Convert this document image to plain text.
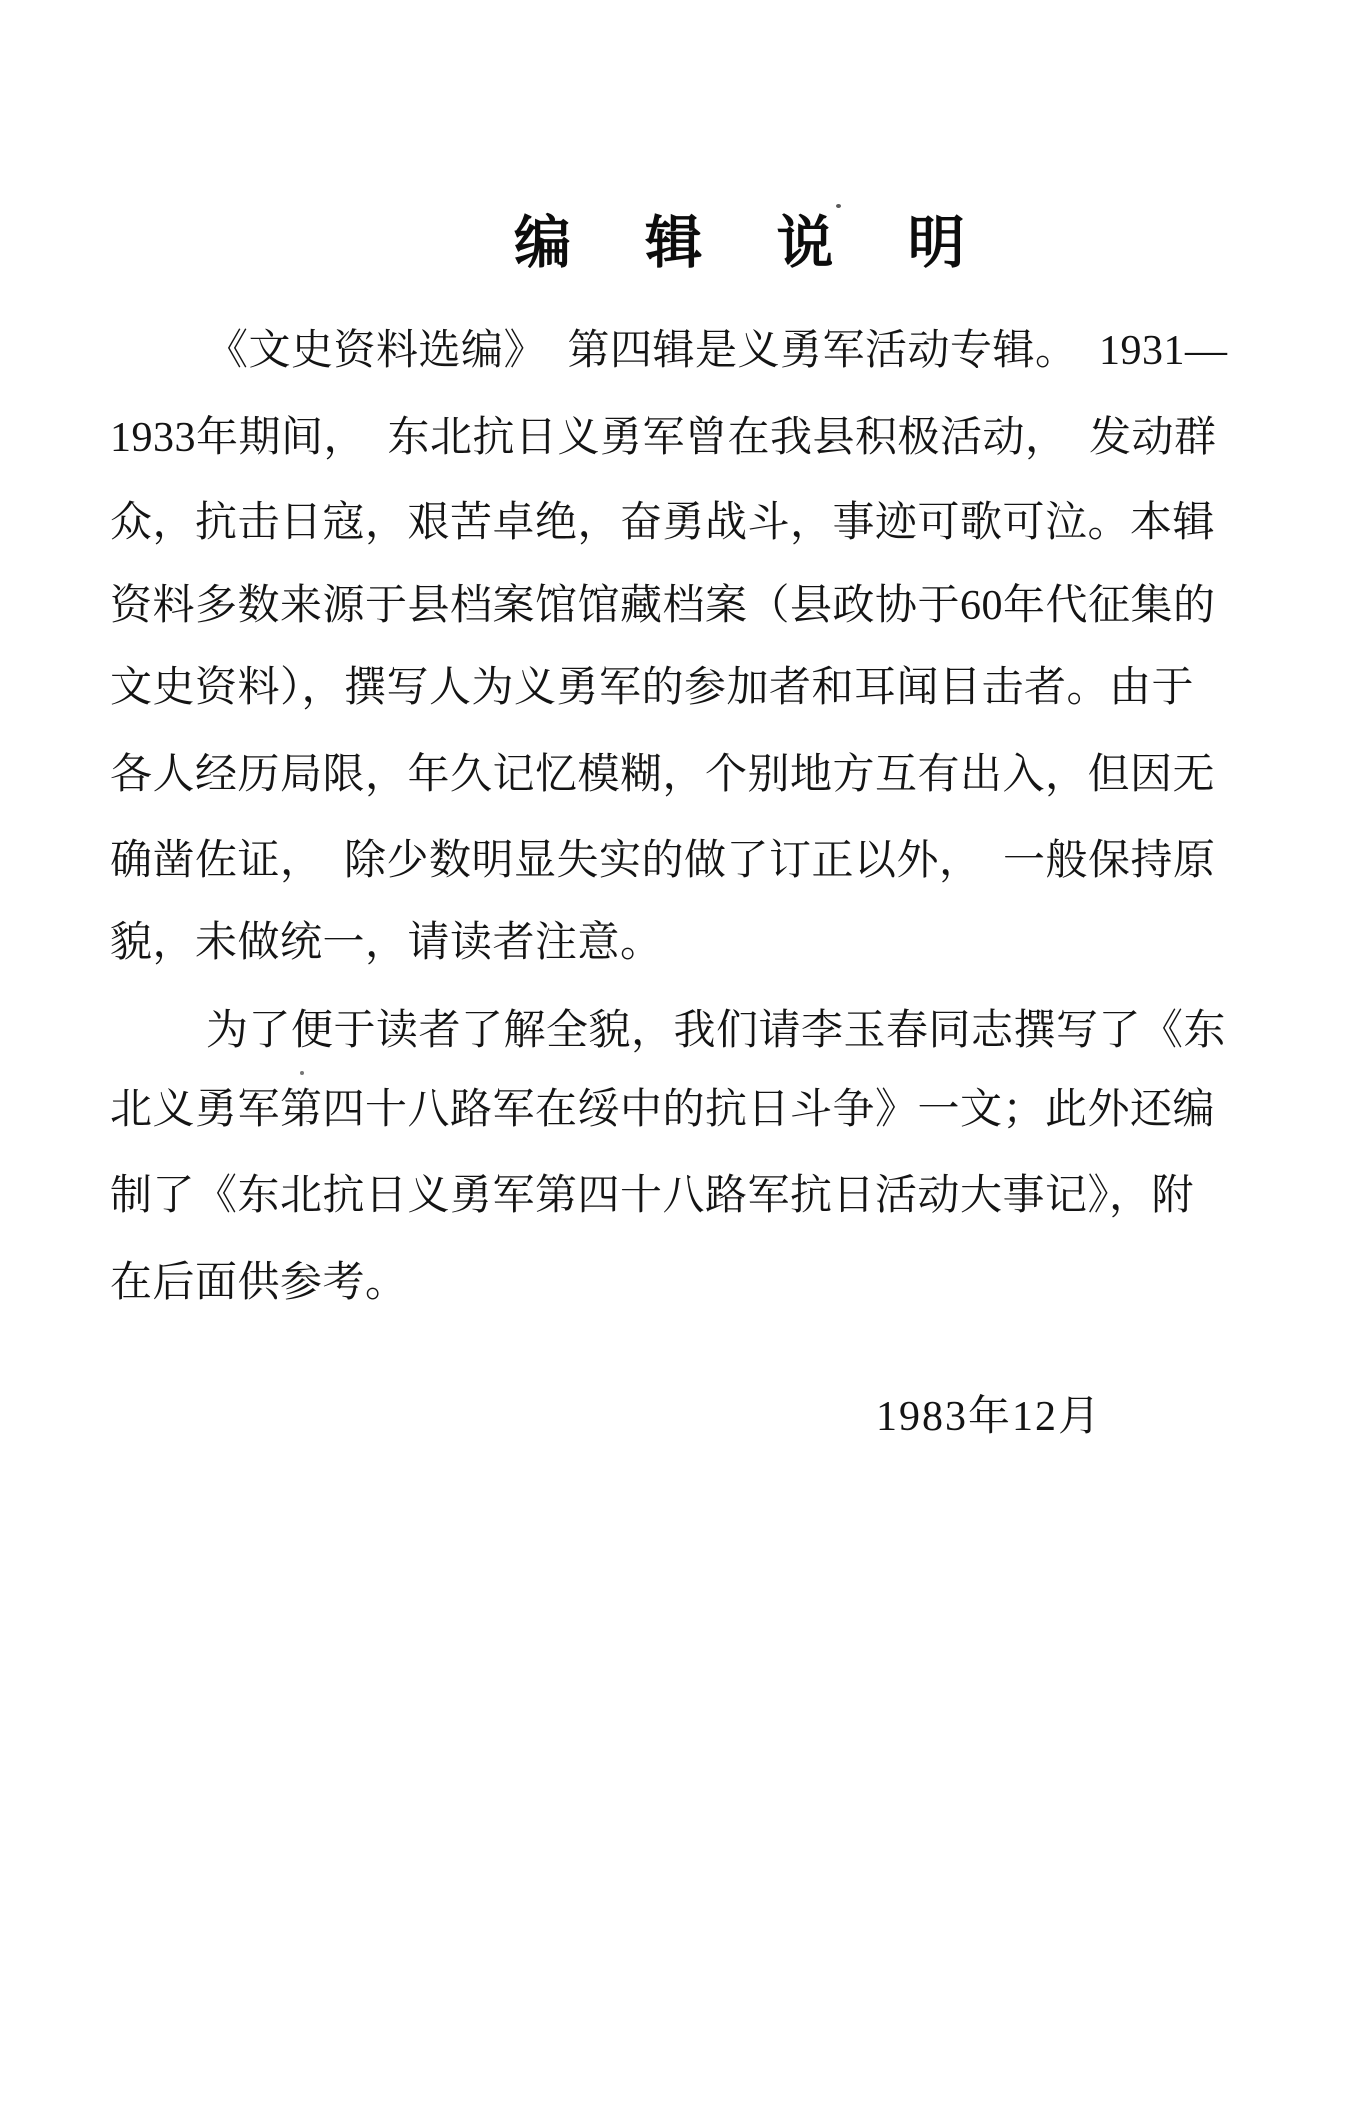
编 辑 说 明
《文史资料选编》　第四辑是义勇军活动专辑。　1931—
1933年期间，　东北抗日义勇军曾在我县积极活动，　发动群
众，抗击日寇，艰苦卓绝，奋勇战斗，事迹可歌可泣。本辑
资料多数来源于县档案馆馆藏档案（县政协于60年代征集的
文史资料），撰写人为义勇军的参加者和耳闻目击者。由于
各人经历局限，年久记忆模糊，个别地方互有出入，但因无
确凿佐证，　除少数明显失实的做了订正以外，　一般保持原
貌，未做统一，请读者注意。
为了便于读者了解全貌，我们请李玉春同志撰写了《东
北义勇军第四十八路军在绥中的抗日斗争》一文；此外还编
制了《东北抗日义勇军第四十八路军抗日活动大事记》，附
在后面供参考。
1983年12月
